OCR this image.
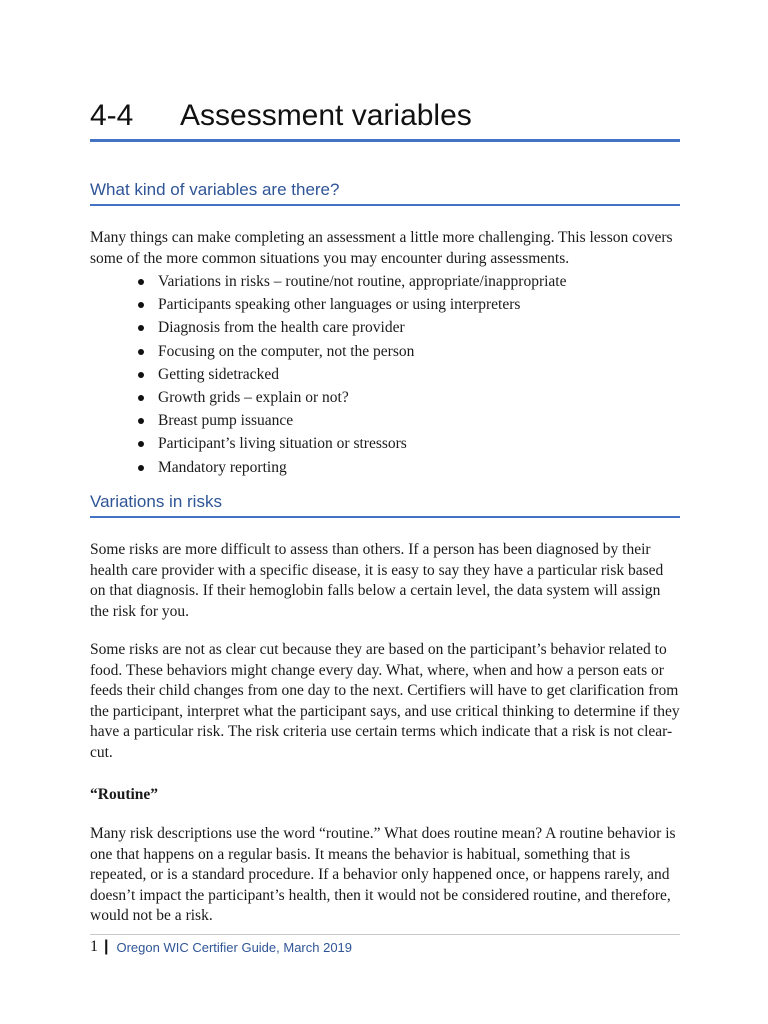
4-4 Assessment variables
What kind of variables are there?

Many things can make completing an assessment a little more challenging. This lesson covers some of the more common situations you may encounter during assessments.

Variations in risks – routine/not routine, appropriate/inappropriate
Participants speaking other languages or using interpreters
Diagnosis from the health care provider
Focusing on the computer, not the person
Getting sidetracked
Growth grids – explain or not?
Breast pump issuance
Participant’s living situation or stressors
Mandatory reporting
Variations in risks

Some risks are more difficult to assess than others. If a person has been diagnosed by their health care provider with a specific disease, it is easy to say they have a particular risk based on that diagnosis. If their hemoglobin falls below a certain level, the data system will assign the risk for you.

Some risks are not as clear cut because they are based on the participant’s behavior related to food. These behaviors might change every day. What, where, when and how a person eats or feeds their child changes from one day to the next. Certifiers will have to get clarification from the participant, interpret what the participant says, and use critical thinking to determine if they have a particular risk. The risk criteria use certain terms which indicate that a risk is not clear-cut.

“Routine”

Many risk descriptions use the word “routine.” What does routine mean? A routine behavior is one that happens on a regular basis. It means the behavior is habitual, something that is repeated, or is a standard procedure. If a behavior only happened once, or happens rarely, and doesn’t impact the participant’s health, then it would not be considered routine, and therefore, would not be a risk.

1 | Oregon WIC Certifier Guide, March 2019
